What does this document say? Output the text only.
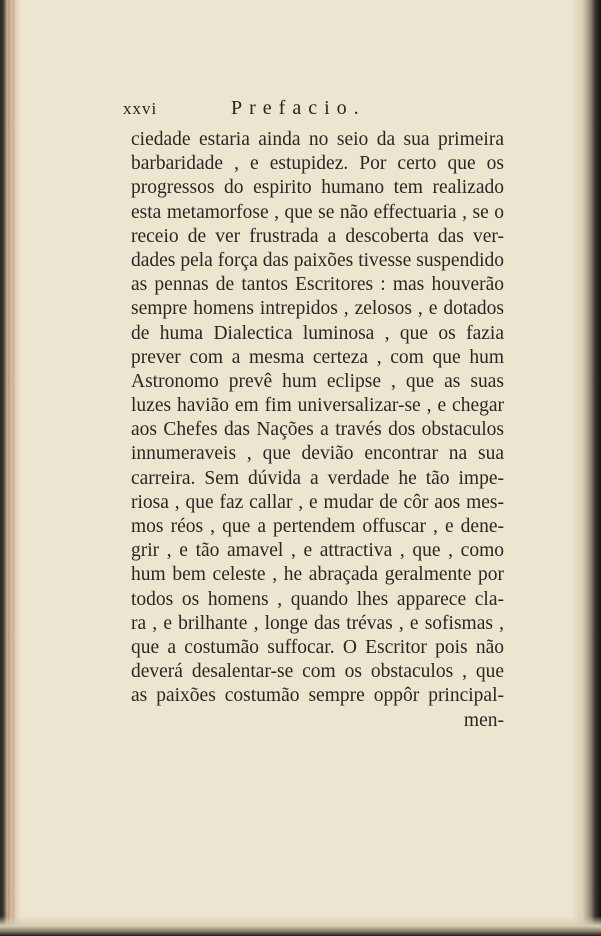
xxvi	Prefacio.
ciedade estaria ainda no seio da sua primeira
barbaridade , e estupidez. Por certo que os
progressos do espirito humano tem realizado
esta metamorfose , que se não effectuaria , se o
receio de ver frustrada a descoberta das ver-
dades pela força das paixões tivesse suspendido
as pennas de tantos Escritores : mas houverão
sempre homens intrepidos , zelosos , e dotados
de huma Dialectica luminosa , que os fazia
prever com a mesma certeza , com que hum
Astronomo prevê hum eclipse , que as suas
luzes havião em fim universalizar-se , e chegar
aos Chefes das Nações a través dos obstaculos
innumeraveis , que devião encontrar na sua
carreira. Sem dúvida a verdade he tão impe-
riosa , que faz callar , e mudar de côr aos mes-
mos réos , que a pertendem offuscar , e dene-
grir , e tão amavel , e attractiva , que , como
hum bem celeste , he abraçada geralmente por
todos os homens , quando lhes apparece cla-
ra , e brilhante , longe das trévas , e sofismas ,
que a costumão suffocar. O Escritor pois não
deverá desalentar-se com os obstaculos , que
as paixões costumão sempre oppôr principal-
men-
